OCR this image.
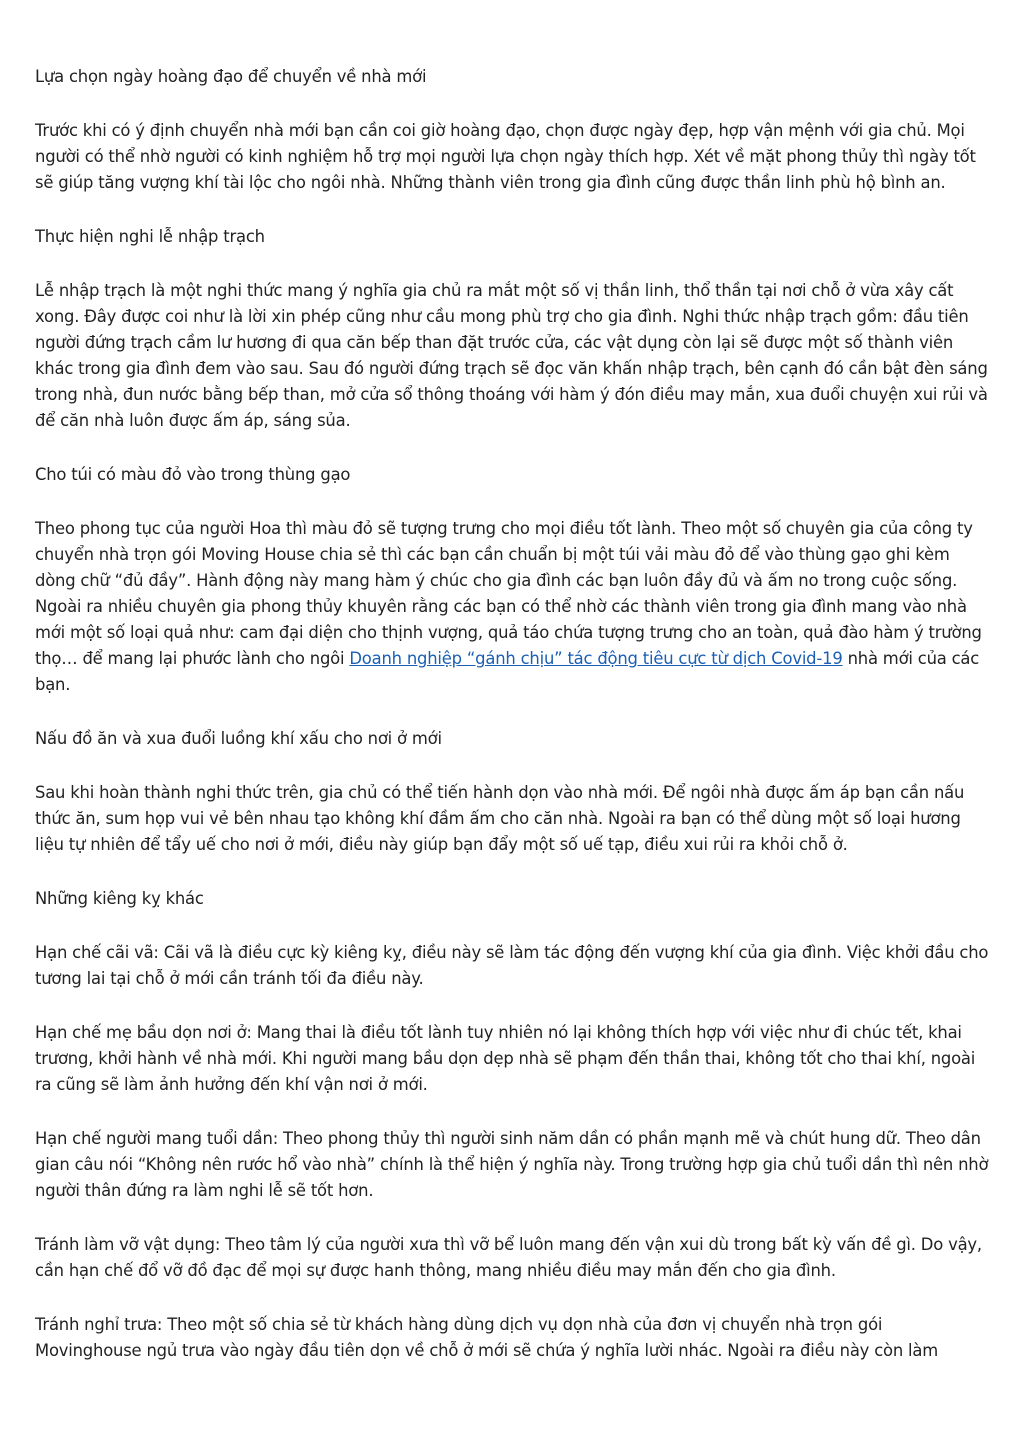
Lựa chọn ngày hoàng đạo để chuyển về nhà mới

Trước khi có ý định chuyển nhà mới bạn cần coi giờ hoàng đạo, chọn được ngày đẹp, hợp vận mệnh với gia chủ. Mọi người có thể nhờ người có kinh nghiệm hỗ trợ mọi người lựa chọn ngày thích hợp. Xét về mặt phong thủy thì ngày tốt sẽ giúp tăng vượng khí tài lộc cho ngôi nhà. Những thành viên trong gia đình cũng được thần linh phù hộ bình an.

Thực hiện nghi lễ nhập trạch

Lễ nhập trạch là một nghi thức mang ý nghĩa gia chủ ra mắt một số vị thần linh, thổ thần tại nơi chỗ ở vừa xây cất xong. Đây được coi như là lời xin phép cũng như cầu mong phù trợ cho gia đình. Nghi thức nhập trạch gồm: đầu tiên người đứng trạch cầm lư hương đi qua căn bếp than đặt trước cửa, các vật dụng còn lại sẽ được một số thành viên khác trong gia đình đem vào sau. Sau đó người đứng trạch sẽ đọc văn khấn nhập trạch, bên cạnh đó cần bật đèn sáng trong nhà, đun nước bằng bếp than, mở cửa sổ thông thoáng với hàm ý đón điều may mắn, xua đuổi chuyện xui rủi và để căn nhà luôn được ấm áp, sáng sủa.

Cho túi có màu đỏ vào trong thùng gạo

Theo phong tục của người Hoa thì màu đỏ sẽ tượng trưng cho mọi điều tốt lành. Theo một số chuyên gia của công ty chuyển nhà trọn gói Moving House chia sẻ thì các bạn cần chuẩn bị một túi vải màu đỏ để vào thùng gạo ghi kèm dòng chữ “đủ đầy”. Hành động này mang hàm ý chúc cho gia đình các bạn luôn đầy đủ và ấm no trong cuộc sống. Ngoài ra nhiều chuyên gia phong thủy khuyên rằng các bạn có thể nhờ các thành viên trong gia đình mang vào nhà mới một số loại quả như: cam đại diện cho thịnh vượng, quả táo chứa tượng trưng cho an toàn, quả đào hàm ý trường thọ… để mang lại phước lành cho ngôi Doanh nghiệp “gánh chịu” tác động tiêu cực từ dịch Covid-19 nhà mới của các bạn.

Nấu đồ ăn và xua đuổi luồng khí xấu cho nơi ở mới

Sau khi hoàn thành nghi thức trên, gia chủ có thể tiến hành dọn vào nhà mới. Để ngôi nhà được ấm áp bạn cần nấu thức ăn, sum họp vui vẻ bên nhau tạo không khí đầm ấm cho căn nhà. Ngoài ra bạn có thể dùng một số loại hương liệu tự nhiên để tẩy uế cho nơi ở mới, điều này giúp bạn đẩy một số uế tạp, điều xui rủi ra khỏi chỗ ở.

Những kiêng kỵ khác

Hạn chế cãi vã: Cãi vã là điều cực kỳ kiêng kỵ, điều này sẽ làm tác động đến vượng khí của gia đình. Việc khởi đầu cho tương lai tại chỗ ở mới cần tránh tối đa điều này.

Hạn chế mẹ bầu dọn nơi ở: Mang thai là điều tốt lành tuy nhiên nó lại không thích hợp với việc như đi chúc tết, khai trương, khởi hành về nhà mới. Khi người mang bầu dọn dẹp nhà sẽ phạm đến thần thai, không tốt cho thai khí, ngoài ra cũng sẽ làm ảnh hưởng đến khí vận nơi ở mới.

Hạn chế người mang tuổi dần: Theo phong thủy thì người sinh năm dần có phần mạnh mẽ và chút hung dữ. Theo dân gian câu nói “Không nên rước hổ vào nhà” chính là thể hiện ý nghĩa này. Trong trường hợp gia chủ tuổi dần thì nên nhờ người thân đứng ra làm nghi lễ sẽ tốt hơn.

Tránh làm vỡ vật dụng: Theo tâm lý của người xưa thì vỡ bể luôn mang đến vận xui dù trong bất kỳ vấn đề gì. Do vậy, cần hạn chế đổ vỡ đồ đạc để mọi sự được hanh thông, mang nhiều điều may mắn đến cho gia đình.

Tránh nghỉ trưa: Theo một số chia sẻ từ khách hàng dùng dịch vụ dọn nhà của đơn vị chuyển nhà trọn gói Movinghouse ngủ trưa vào ngày đầu tiên dọn về chỗ ở mới sẽ chứa ý nghĩa lười nhác. Ngoài ra điều này còn làm
